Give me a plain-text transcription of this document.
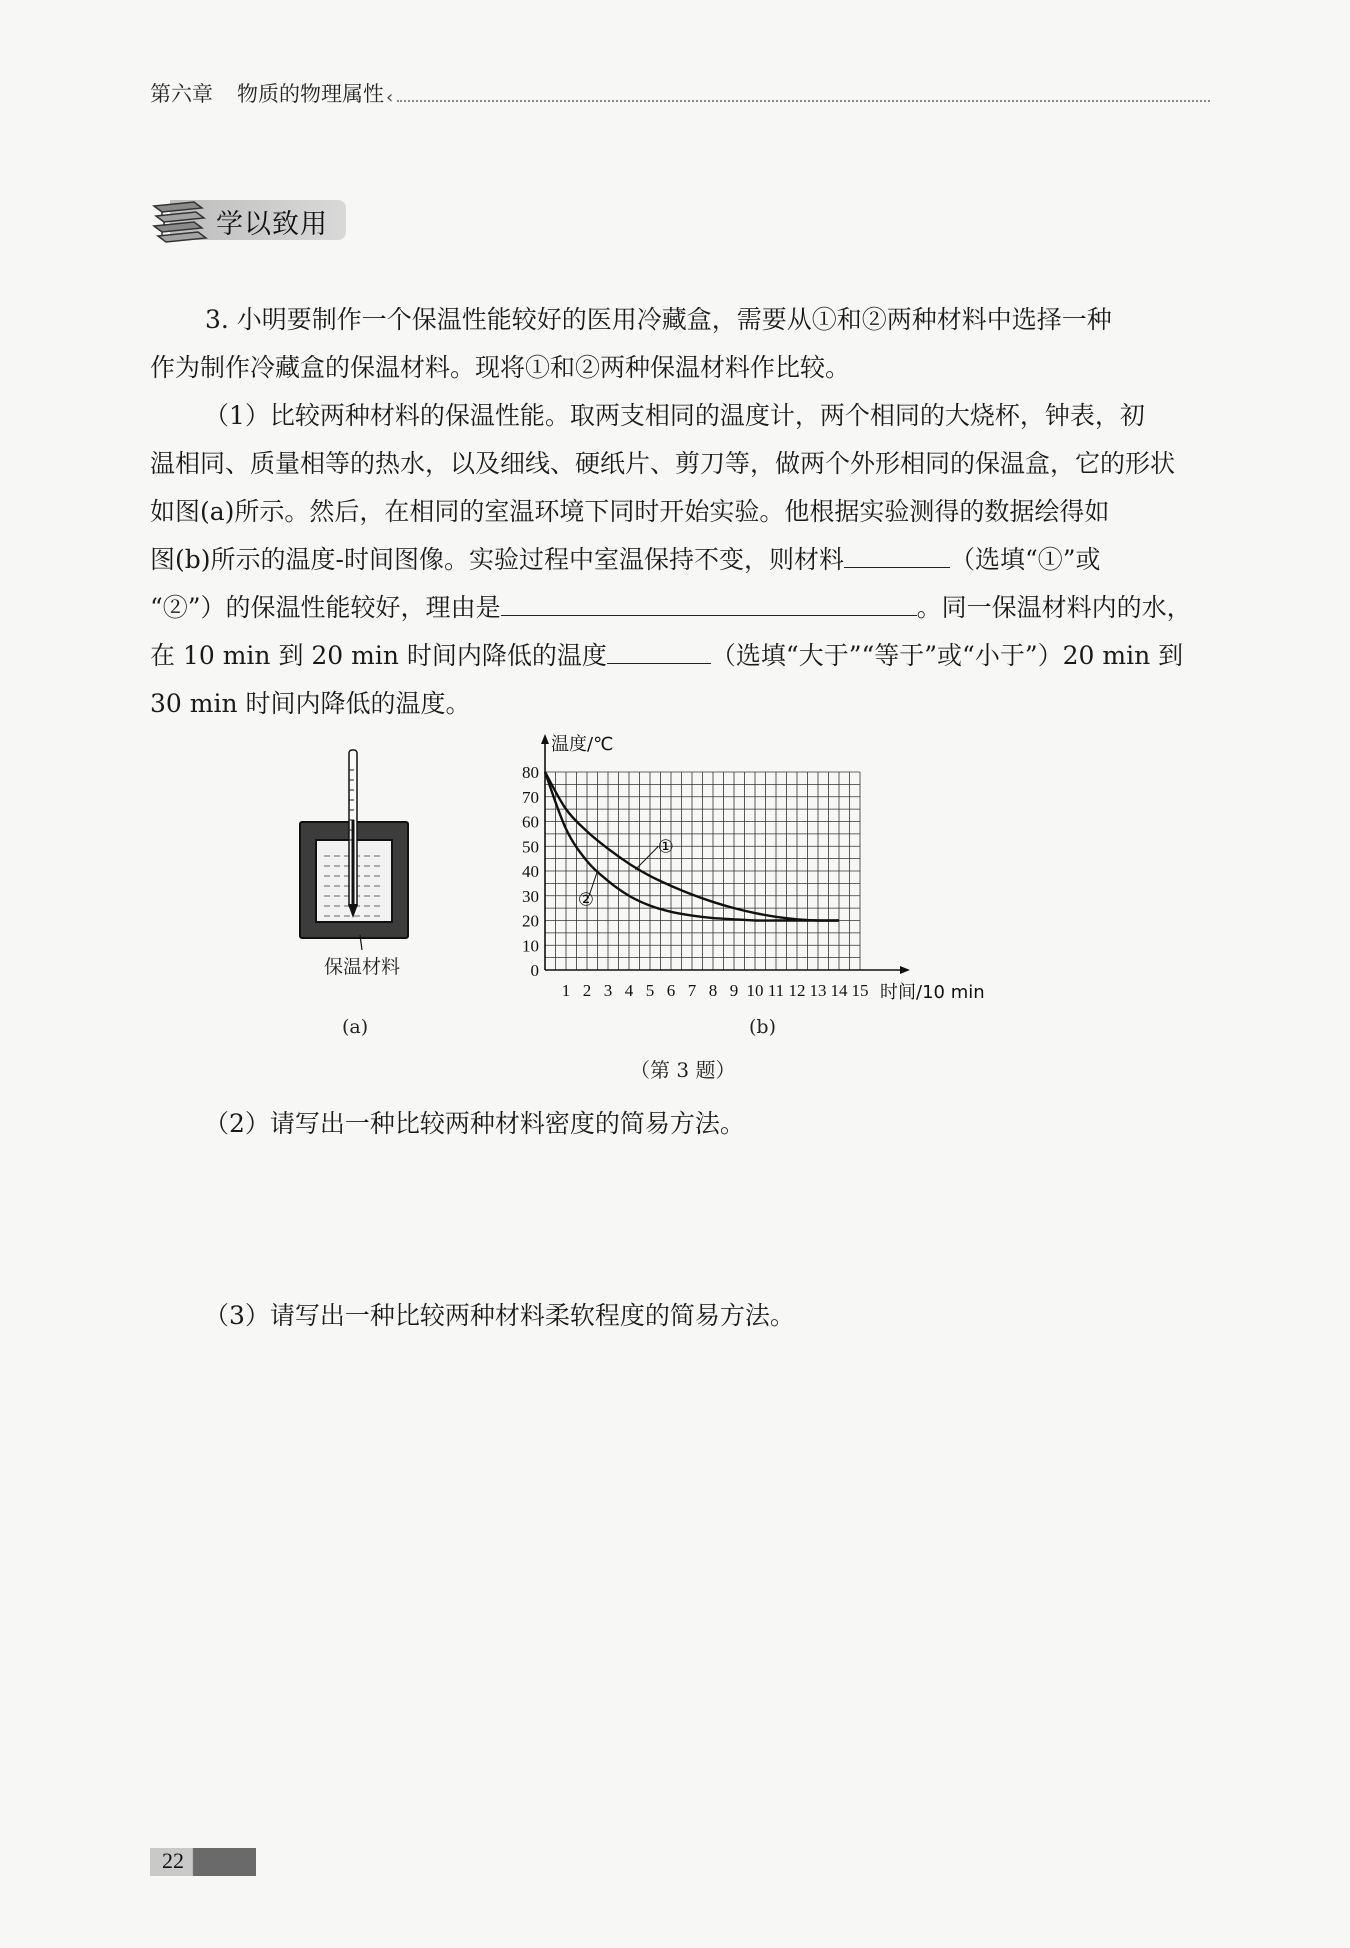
第六章 物质的物理属性 ‹
学以致用
3. 小明要制作一个保温性能较好的医用冷藏盒，需要从①和②两种材料中选择一种
作为制作冷藏盒的保温材料。现将①和②两种保温材料作比较。
（1）比较两种材料的保温性能。取两支相同的温度计，两个相同的大烧杯，钟表，初
温相同、质量相等的热水，以及细线、硬纸片、剪刀等，做两个外形相同的保温盒，它的形状
如图(a)所示。然后，在相同的室温环境下同时开始实验。他根据实验测得的数据绘得如
图(b)所示的温度-时间图像。实验过程中室温保持不变，则材料	（选填“①”或
“②”）的保温性能较好，理由是	。同一保温材料内的水，
在 10 min 到 20 min 时间内降低的温度	（选填“大于”“等于”或“小于”）20 min 到
30 min 时间内降低的温度。
保温材料
(a)
1 2 3 4 5 6 7 8 9 10 11 12 13 14 15
0
10
20
30
40
50
60
70
80
温度/℃
时间/10 min
①
②
(b)
（第 3 题）
（2）请写出一种比较两种材料密度的简易方法。
（3）请写出一种比较两种材料柔软程度的简易方法。
22
